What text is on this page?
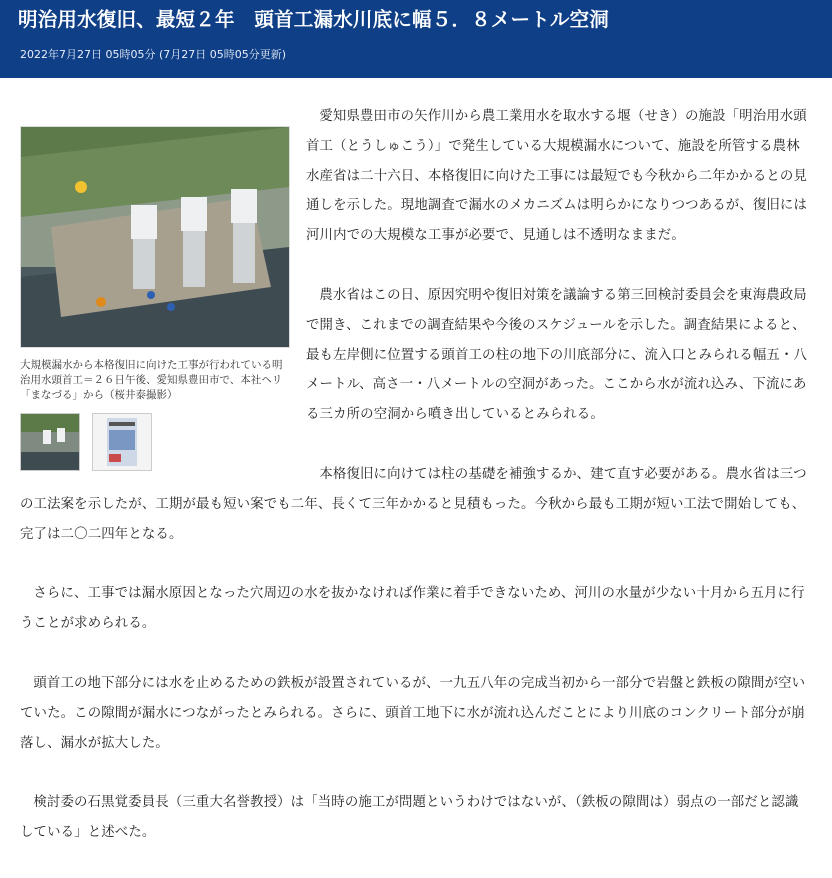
明治用水復旧、最短２年　頭首工漏水川底に幅５．８メートル空洞
2022年7月27日 05時05分 (7月27日 05時05分更新)
大規模漏水から本格復旧に向けた工事が行われている明治用水頭首工＝２６日午後、愛知県豊田市で、本社ヘリ「まなづる」から（桜井泰撮影）

愛知県豊田市の矢作川から農工業用水を取水する堰（せき）の施設「明治用水頭首工（とうしゅこう）」で発生している大規模漏水について、施設を所管する農林水産省は二十六日、本格復旧に向けた工事には最短でも今秋から二年かかるとの見通しを示した。現地調査で漏水のメカニズムは明らかになりつつあるが、復旧には河川内での大規模な工事が必要で、見通しは不透明なままだ。

農水省はこの日、原因究明や復旧対策を議論する第三回検討委員会を東海農政局で開き、これまでの調査結果や今後のスケジュールを示した。調査結果によると、最も左岸側に位置する頭首工の柱の地下の川底部分に、流入口とみられる幅五・八メートル、高さ一・八メートルの空洞があった。ここから水が流れ込み、下流にある三カ所の空洞から噴き出しているとみられる。

本格復旧に向けては柱の基礎を補強するか、建て直す必要がある。農水省は三つの工法案を示したが、工期が最も短い案でも二年、長くて三年かかると見積もった。今秋から最も工期が短い工法で開始しても、完了は二〇二四年となる。

さらに、工事では漏水原因となった穴周辺の水を抜かなければ作業に着手できないため、河川の水量が少ない十月から五月に行うことが求められる。

頭首工の地下部分には水を止めるための鉄板が設置されているが、一九五八年の完成当初から一部分で岩盤と鉄板の隙間が空いていた。この隙間が漏水につながったとみられる。さらに、頭首工地下に水が流れ込んだことにより川底のコンクリート部分が崩落し、漏水が拡大した。

検討委の石黒覚委員長（三重大名誉教授）は「当時の施工が問題というわけではないが、（鉄板の隙間は）弱点の一部だと認識している」と述べた。
